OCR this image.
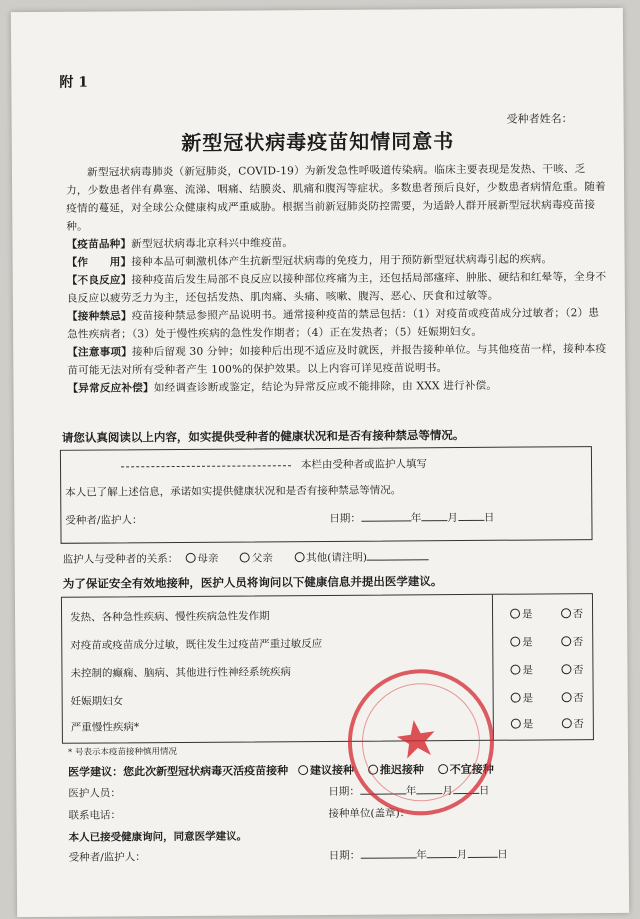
附 1
受种者姓名：
新型冠状病毒疫苗知情同意书

新型冠状病毒肺炎（新冠肺炎，COVID-19）为新发急性呼吸道传染病。临床主要表现是发热、干咳、乏力，少数患者伴有鼻塞、流涕、咽痛、结膜炎、肌痛和腹泻等症状。多数患者预后良好，少数患者病情危重。随着疫情的蔓延，对全球公众健康构成严重威胁。根据当前新冠肺炎防控需要，为适龄人群开展新型冠状病毒疫苗接种。

【疫苗品种】新型冠状病毒北京科兴中维疫苗。

【作　　用】接种本品可刺激机体产生抗新型冠状病毒的免疫力，用于预防新型冠状病毒引起的疾病。

【不良反应】接种疫苗后发生局部不良反应以接种部位疼痛为主，还包括局部瘙痒、肿胀、硬结和红晕等，全身不良反应以疲劳乏力为主，还包括发热、肌肉痛、头痛、咳嗽、腹泻、恶心、厌食和过敏等。

【接种禁忌】疫苗接种禁忌参照产品说明书。通常接种疫苗的禁忌包括：（1）对疫苗或疫苗成分过敏者；（2）患急性疾病者；（3）处于慢性疾病的急性发作期者；（4）正在发热者；（5）妊娠期妇女。

【注意事项】接种后留观 30 分钟；如接种后出现不适应及时就医，并报告接种单位。与其他疫苗一样，接种本疫苗可能无法对所有受种者产生 100%的保护效果。以上内容可详见疫苗说明书。

【异常反应补偿】如经调查诊断或鉴定，结论为异常反应或不能排除，由 XXX 进行补偿。

请您认真阅读以上内容，如实提供受种者的健康状况和是否有接种禁忌等情况。
本栏由受种者或监护人填写
本人已了解上述信息，承诺如实提供健康状况和是否有接种禁忌等情况。
受种者/监护人：	日期：	年 月 日
监护人与受种者的关系： 母亲	父亲	其他(请注明)
为了保证安全有效地接种，医护人员将询问以下健康信息并提出医学建议。
发热、各种急性疾病、慢性疾病急性发作期	是	否
对疫苗或疫苗成分过敏，既往发生过疫苗严重过敏反应	是	否
未控制的癫痫、脑病、其他进行性神经系统疾病	是	否
妊娠期妇女	是	否
严重慢性疾病*	是	否
* 号表示本疫苗接种慎用情况
医学建议：您此次新型冠状病毒灭活疫苗接种 建议接种 推迟接种 不宜接种
医护人员：	日期：	年 月 日
联系电话：	接种单位(盖章)：
本人已接受健康询问，同意医学建议。
受种者/监护人：	日期：	年	月	日
